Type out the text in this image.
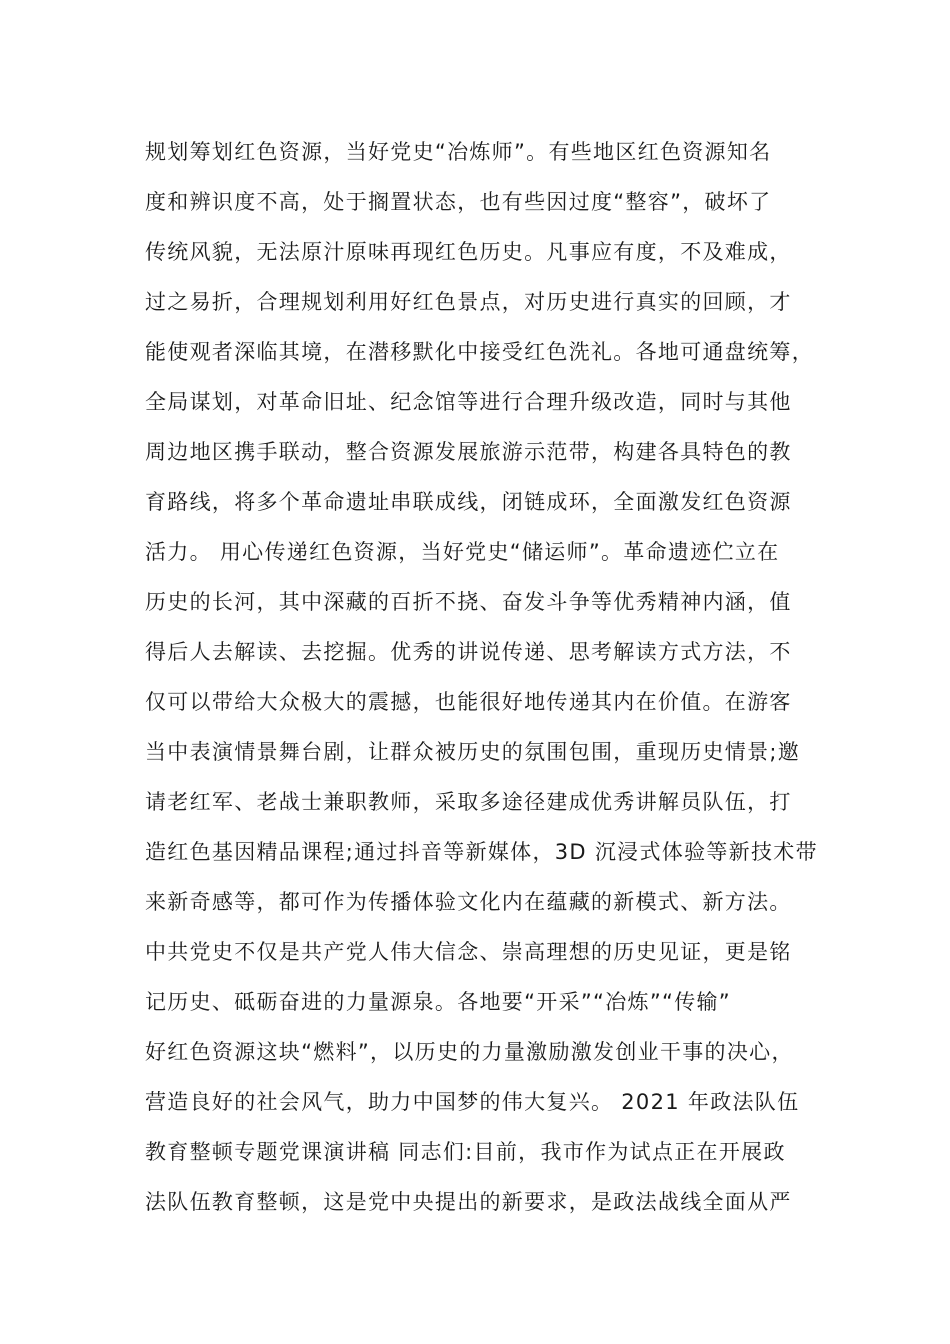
规划筹划红色资源，当好党史“冶炼师”。有些地区红色资源知名
度和辨识度不高，处于搁置状态，也有些因过度“整容”，破坏了
传统风貌，无法原汁原味再现红色历史。凡事应有度，不及难成，
过之易折，合理规划利用好红色景点，对历史进行真实的回顾，才
能使观者深临其境，在潜移默化中接受红色洗礼。各地可通盘统筹，
全局谋划，对革命旧址、纪念馆等进行合理升级改造，同时与其他
周边地区携手联动，整合资源发展旅游示范带，构建各具特色的教
育路线，将多个革命遗址串联成线，闭链成环，全面激发红色资源
活力。 用心传递红色资源，当好党史“储运师”。革命遗迹伫立在
历史的长河，其中深藏的百折不挠、奋发斗争等优秀精神内涵，值
得后人去解读、去挖掘。优秀的讲说传递、思考解读方式方法，不
仅可以带给大众极大的震撼，也能很好地传递其内在价值。在游客
当中表演情景舞台剧，让群众被历史的氛围包围，重现历史情景;邀
请老红军、老战士兼职教师，采取多途径建成优秀讲解员队伍，打
造红色基因精品课程;通过抖音等新媒体，3D 沉浸式体验等新技术带
来新奇感等，都可作为传播体验文化内在蕴藏的新模式、新方法。
中共党史不仅是共产党人伟大信念、崇高理想的历史见证，更是铭
记历史、砥砺奋进的力量源泉。各地要“开采”“冶炼”“传输”
好红色资源这块“燃料”，以历史的力量激励激发创业干事的决心，
营造良好的社会风气，助力中国梦的伟大复兴。 2021 年政法队伍
教育整顿专题党课演讲稿 同志们:目前，我市作为试点正在开展政
法队伍教育整顿，这是党中央提出的新要求，是政法战线全面从严
